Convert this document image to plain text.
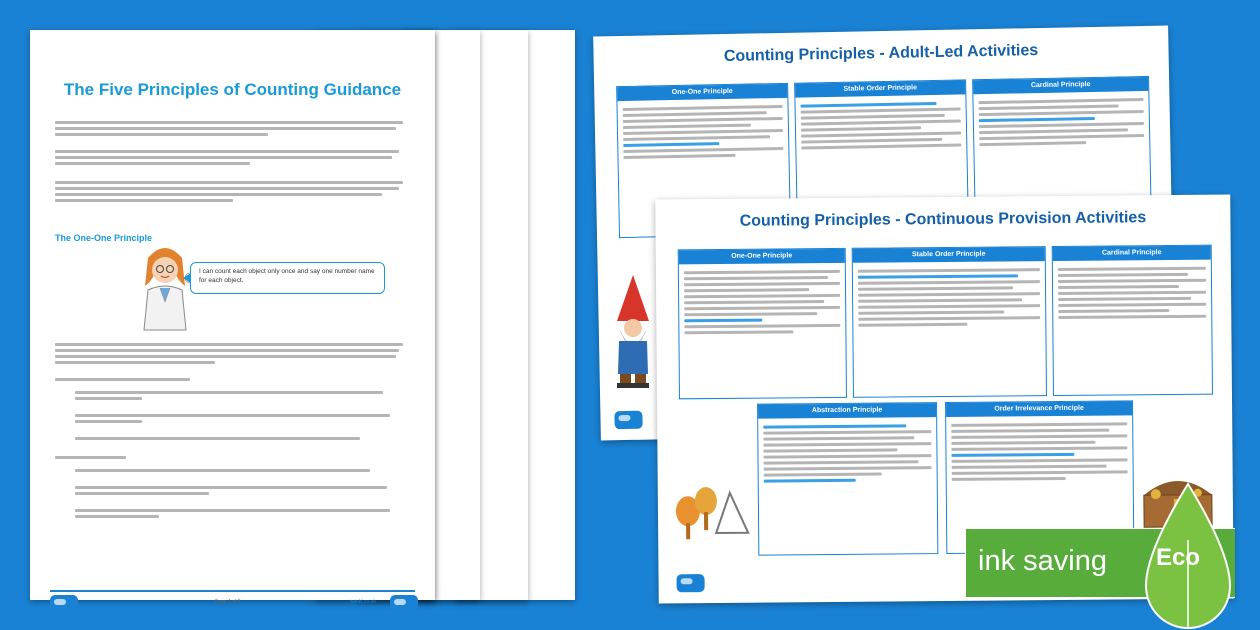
The Five Principles of Counting Guidance
The One-One Principle
I can count each object only once and say one number name for each object.
Page 1 of 8	twinkl.co.uk
Counting Principles - Adult-Led Activities
One-One Principle	Stable Order Principle	Cardinal Principle
Counting Principles - Continuous Provision Activities
One-One Principle	Stable Order Principle	Cardinal Principle
Abstraction Principle	Order Irrelevance Principle
ink saving Eco
